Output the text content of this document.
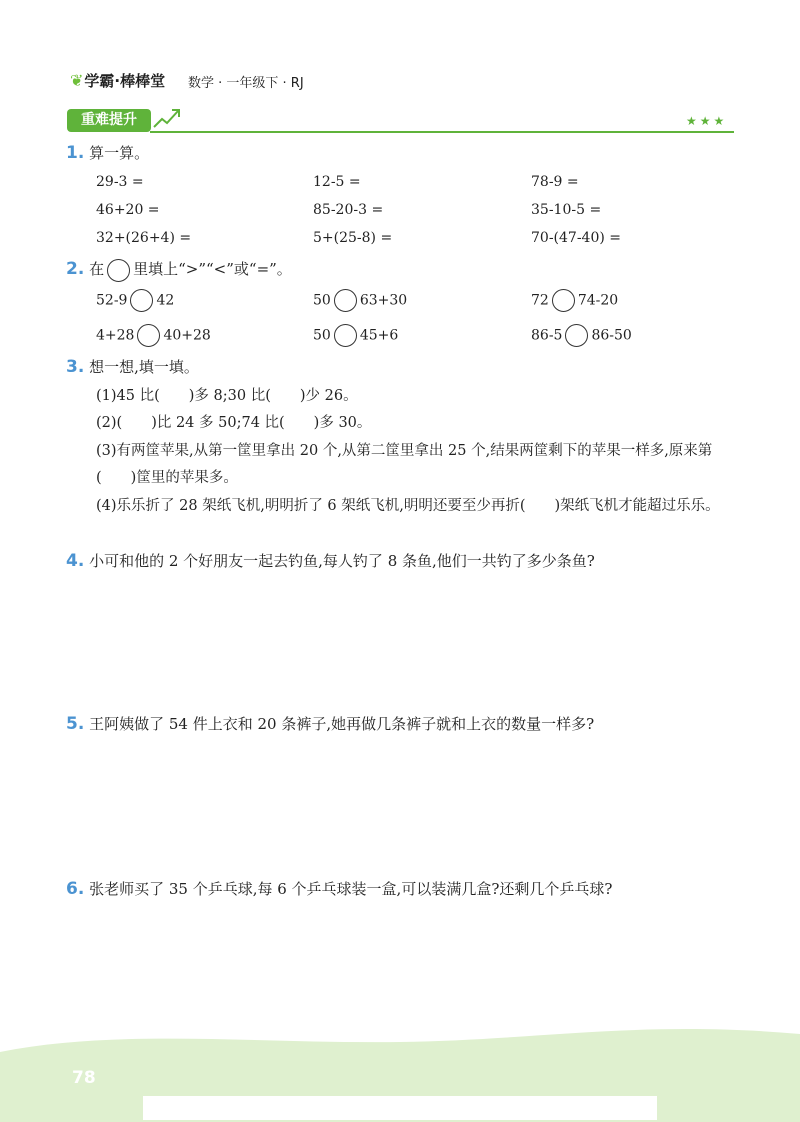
❦学霸·棒棒堂 数学 · 一年级下 · RJ
重难提升	★★★
1. 算一算。
29-3 =	12-5 =	78-9 =
46+20 =	85-20-3 =	35-10-5 =
32+(26+4) =	5+(25-8) =	70-(47-40) =
2. 在 里填上“>”“<”或“=”。
52-9 42	50 63+30	72 74-20
4+28 40+28	50 45+6	86-5 86-50
3. 想一想,填一填。
(1)45 比(　　)多 8;30 比(　　)少 26。
(2)(　　)比 24 多 50;74 比(　　)多 30。
(3)有两筐苹果,从第一筐里拿出 20 个,从第二筐里拿出 25 个,结果两筐剩下的苹果一样多,原来第(　　)筐里的苹果多。
(4)乐乐折了 28 架纸飞机,明明折了 6 架纸飞机,明明还要至少再折(　　)架纸飞机才能超过乐乐。
4. 小可和他的 2 个好朋友一起去钓鱼,每人钓了 8 条鱼,他们一共钓了多少条鱼?
5. 王阿姨做了 54 件上衣和 20 条裤子,她再做几条裤子就和上衣的数量一样多?
6. 张老师买了 35 个乒乓球,每 6 个乒乓球装一盒,可以装满几盒?还剩几个乒乓球?
78
